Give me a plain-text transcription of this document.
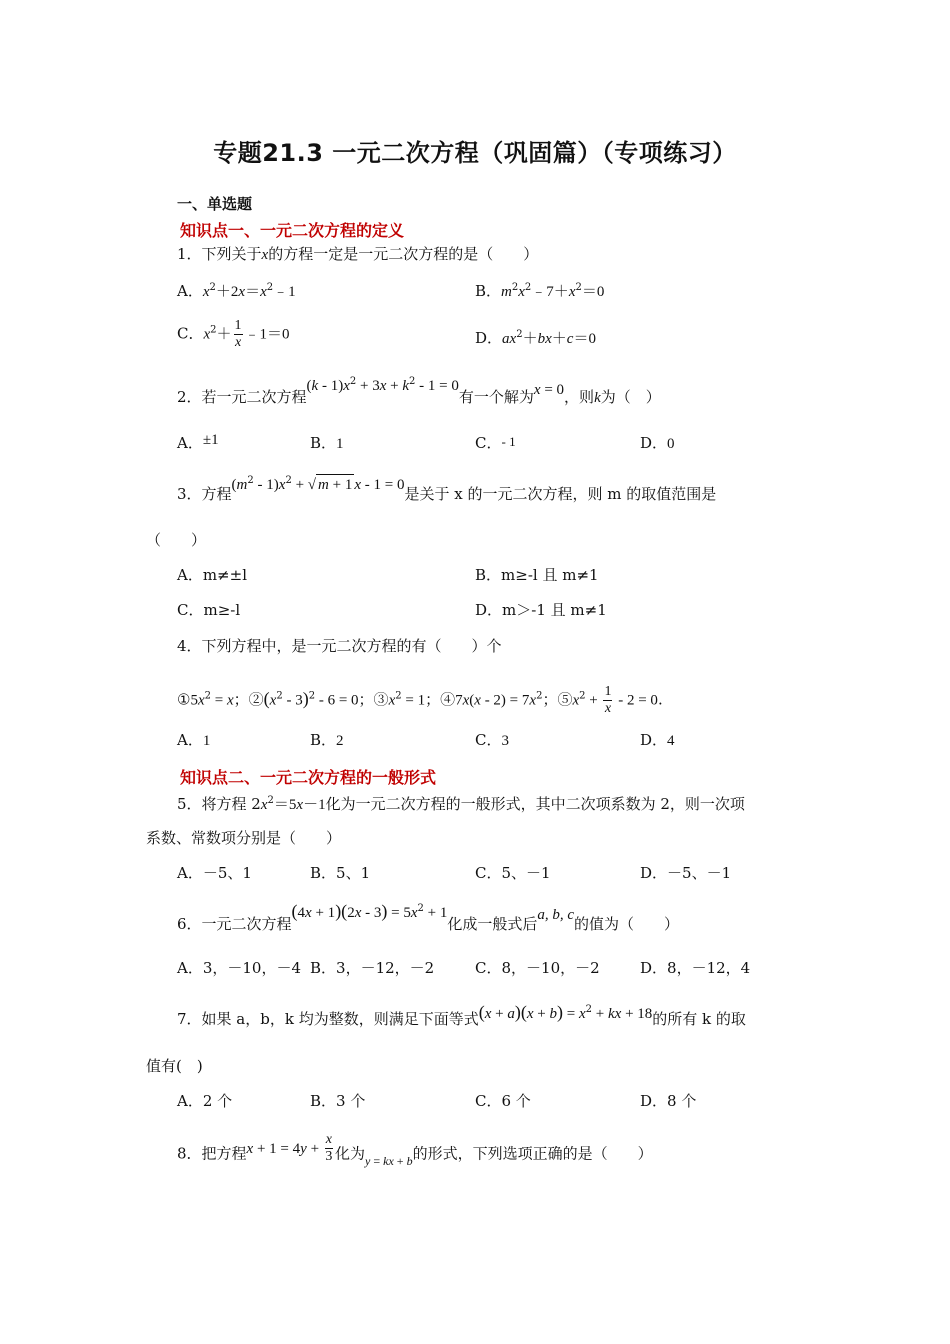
专题21.3 一元二次方程（巩固篇）（专项练习）
一、单选题
知识点一、一元二次方程的定义
1．下列关于x的方程一定是一元二次方程的是（　　）
A．$x^2+2x=x^2﹣1$	B．$m^2x^2﹣7+x^2=0$
C．$x^2+ \frac{1}{x}$ ﹣1＝0	D．$ax^2+bx+c=0$
2．若一元二次方程$(k - 1)x^2 + 3x + k^2 - 1 = 0$有一个解为x = 0，则k为（　）
A．±1	B．1	C．- 1	D．0
3．方程$(m^2 - 1)x^2$ + √ m + 1 x - 1 = 0是关于 x 的一元二次方程，则 m 的取值范围是
（　　）
A．m≠±l	B．m≥-l 且 m≠1
C．m≥-l	D．m＞-1 且 m≠1
4．下列方程中，是一元二次方程的有（　　）个
$①5x^2 = x$；$②(x^2 - 3)^2 - 6 = 0$；$③x^2 = 1$；④7x(x - $2) = 7x^2$；$⑤x^2 + \frac{1}{x} - 2 = 0$.
A．1	B．2	C．3	D．4
知识点二、一元二次方程的一般形式
5．将方程 $2x^2=5x-1$化为一元二次方程的一般形式，其中二次项系数为 2，则一次项
系数、常数项分别是（　　）
A．－5、1	B．5、1	C．5、－1	D．－5、－1
6．一元二次方程$(4x + 1)(2x - 3) = 5x^2 + 1$化成一般式后a, b, c的值为（　　）
A．3，－10，－4 B．3，－12，－2	C．8，－10，－2	D．8，－12，4
7．如果 a，b，k 均为整数，则满足下面等式$(x + a)(x + b) = x^2$ + kx + 18的所有 k 的取
值有(　)
A．2 个	B．3 个	C．6 个	D．8 个
8．把方程$x + 1 = 4y + \frac{x}{3}$ 化为$_{y = kx + b}$的形式，下列选项正确的是（　　）
